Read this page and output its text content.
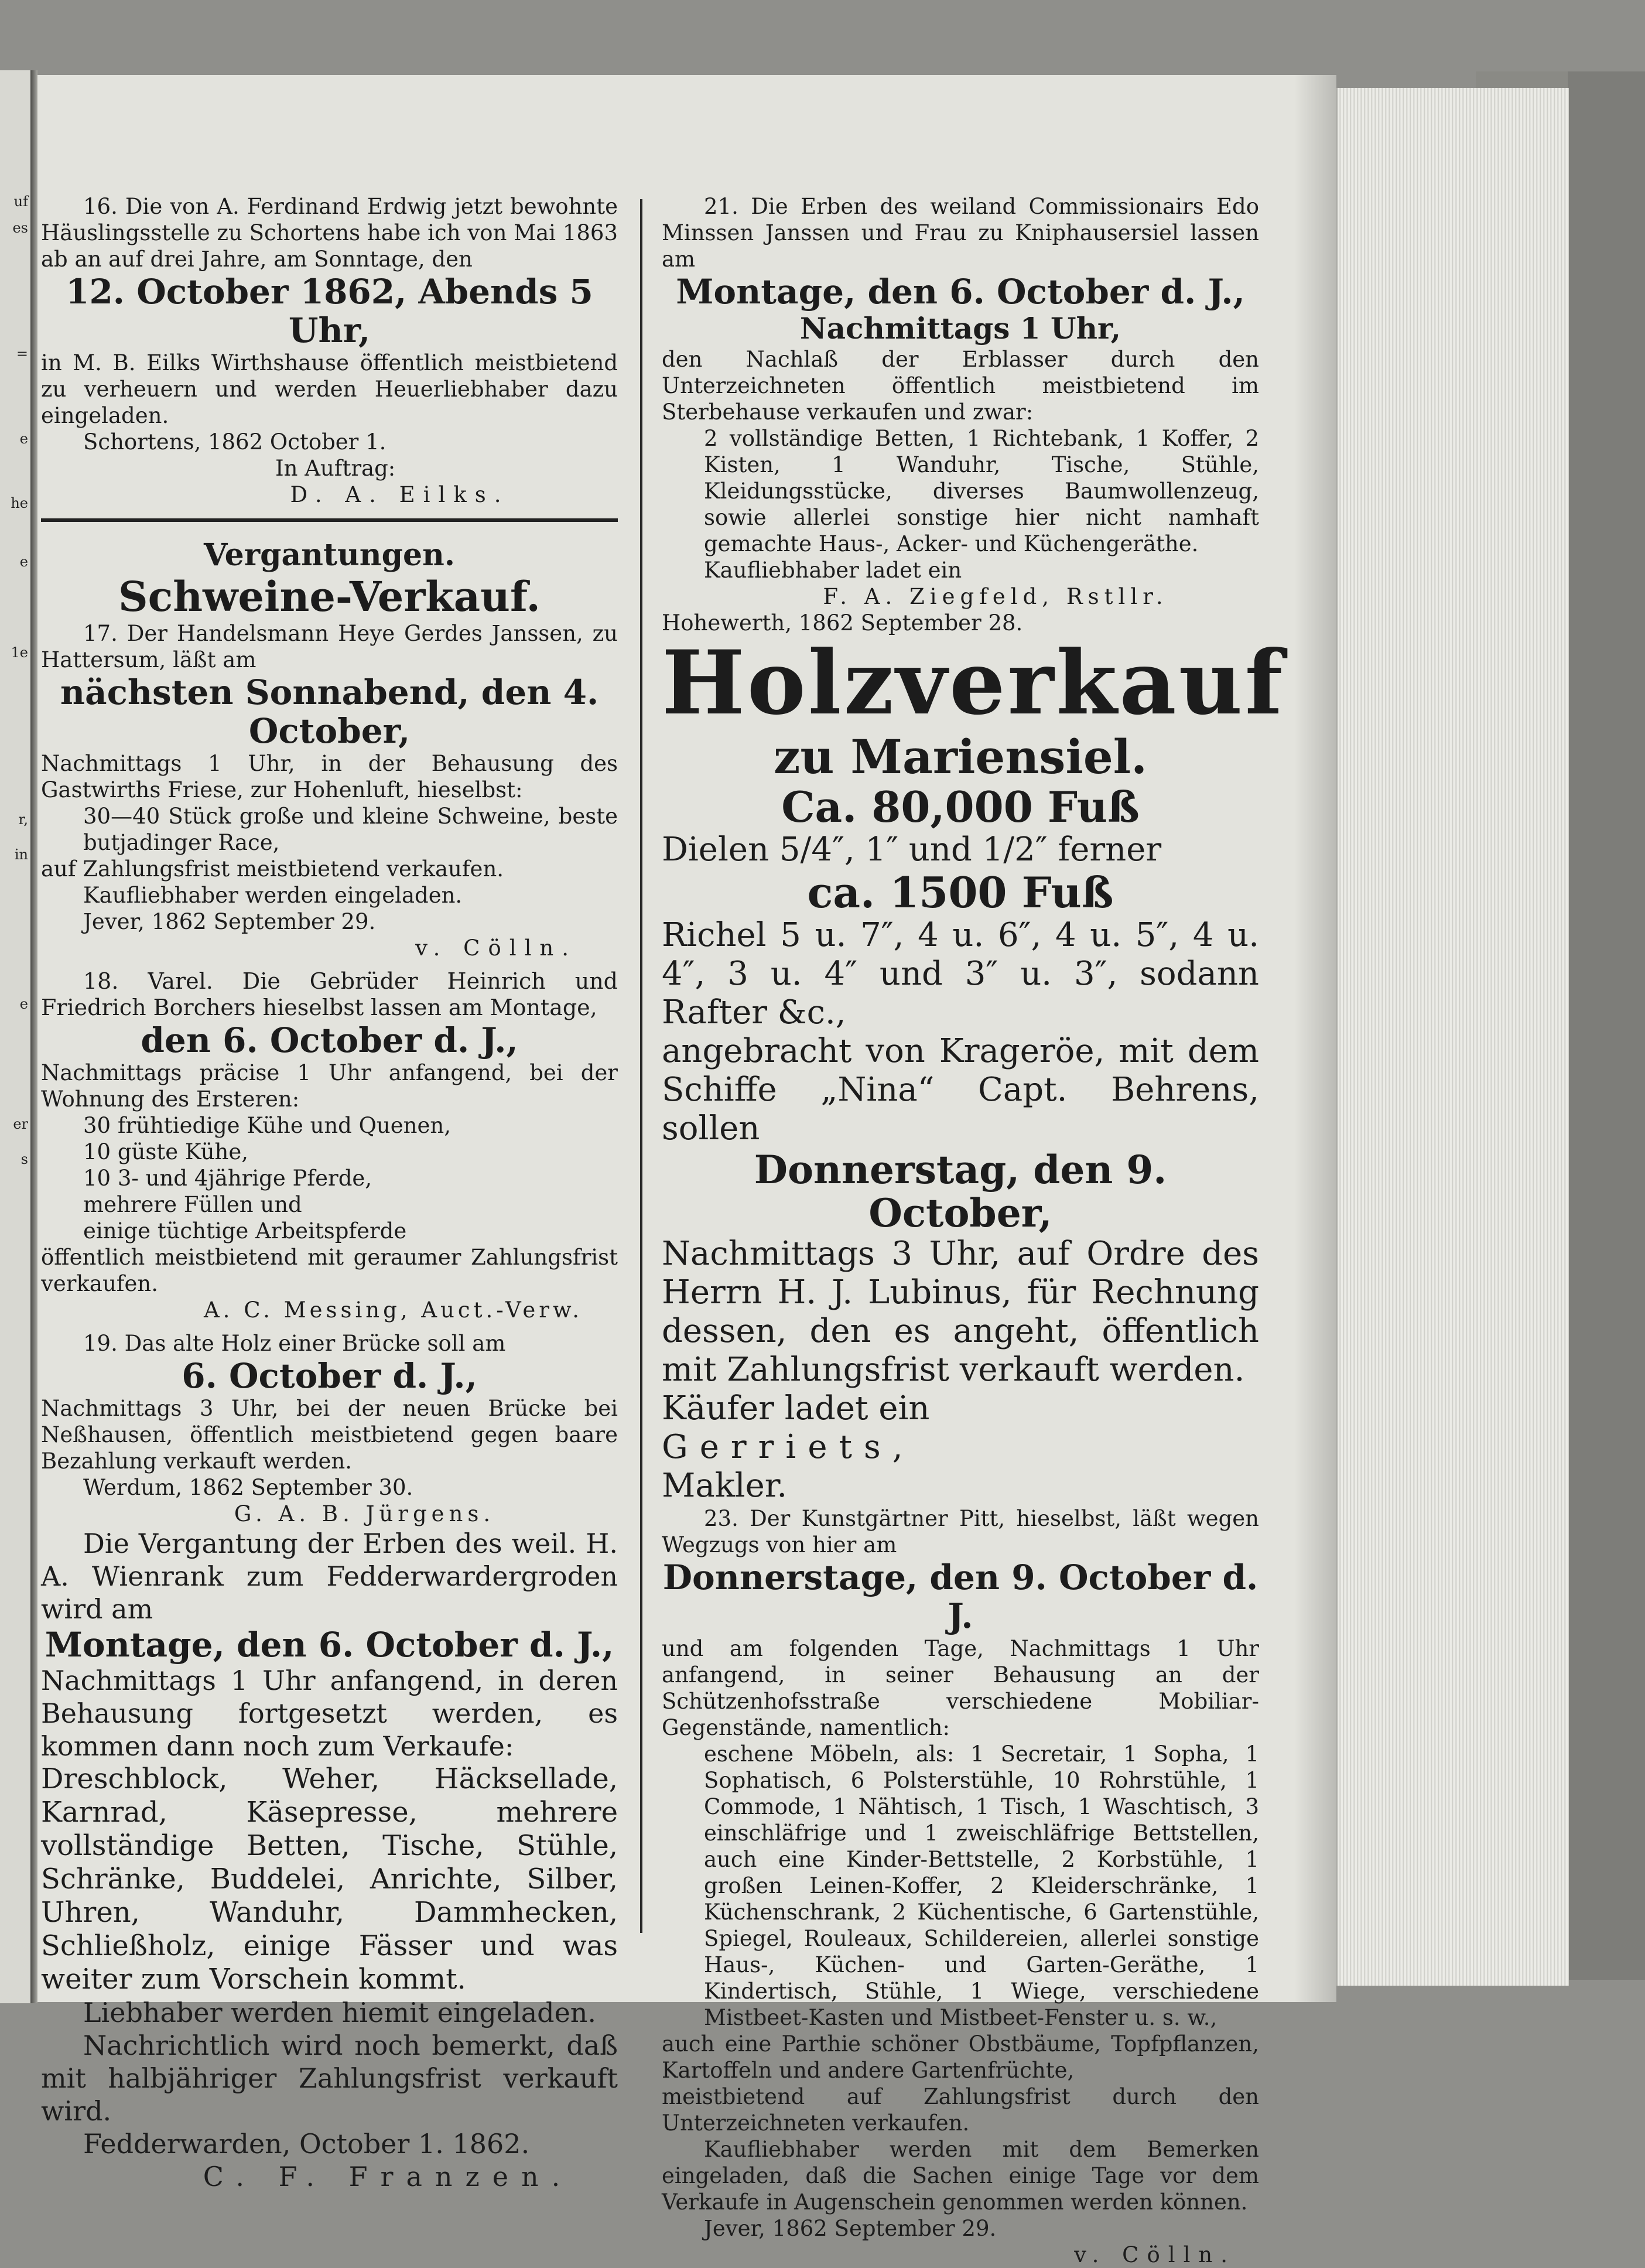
uf
es
=
e
he
e
1e
r,
in
e
er
s

16. Die von A. Ferdinand Erdwig jetzt bewohnte Häuslingsstelle zu Schortens habe ich von Mai 1863 ab an auf drei Jahre, am Sonntage, den

12. October 1862, Abends 5 Uhr,

in M. B. Eilks Wirthshause öffentlich meistbietend zu verheuern und werden Heuerliebhaber dazu eingeladen.

Schortens, 1862 October 1.

In Auftrag:

D. A. Eilks.

Vergantungen.

Schweine-Verkauf.

17. Der Handelsmann Heye Gerdes Janssen, zu Hattersum, läßt am

nächsten Sonnabend, den 4. October,

Nachmittags 1 Uhr, in der Behausung des Gastwirths Friese, zur Hohenluft, hieselbst:

30—40 Stück große und kleine Schweine, beste butjadinger Race,

auf Zahlungsfrist meistbietend verkaufen.

Kaufliebhaber werden eingeladen.

Jever, 1862 September 29.

v. Cölln.

18. Varel. Die Gebrüder Heinrich und Friedrich Borchers hieselbst lassen am Montage,

den 6. October d. J.,

Nachmittags präcise 1 Uhr anfangend, bei der Wohnung des Ersteren:

30 frühtiedige Kühe und Quenen,

10 güste Kühe,

10 3- und 4jährige Pferde,

mehrere Füllen und

einige tüchtige Arbeitspferde

öffentlich meistbietend mit geraumer Zahlungsfrist verkaufen.

A. C. Messing, Auct.-Verw.

19. Das alte Holz einer Brücke soll am

6. October d. J.,

Nachmittags 3 Uhr, bei der neuen Brücke bei Neßhausen, öffentlich meistbietend gegen baare Bezahlung verkauft werden.

Werdum, 1862 September 30.

G. A. B. Jürgens.

Die Vergantung der Erben des weil. H. A. Wienrank zum Fedderwardergroden wird am

Montage, den 6. October d. J.,

Nachmittags 1 Uhr anfangend, in deren Behausung fortgesetzt werden, es kommen dann noch zum Verkaufe:

Dreschblock, Weher, Häcksellade, Karnrad, Käsepresse, mehrere vollständige Betten, Tische, Stühle, Schränke, Buddelei, Anrichte, Silber, Uhren, Wanduhr, Dammhecken, Schließholz, einige Fässer und was weiter zum Vorschein kommt.

Liebhaber werden hiemit eingeladen.

Nachrichtlich wird noch bemerkt, daß mit halbjähriger Zahlungsfrist verkauft wird.

Fedderwarden, October 1. 1862.

C. F. Franzen.

21. Die Erben des weiland Commissionairs Edo Minssen Janssen und Frau zu Kniphausersiel lassen am

Montage, den 6. October d. J.,

Nachmittags 1 Uhr,

den Nachlaß der Erblasser durch den Unterzeichneten öffentlich meistbietend im Sterbehause verkaufen und zwar:

2 vollständige Betten, 1 Richtebank, 1 Koffer, 2 Kisten, 1 Wanduhr, Tische, Stühle, Kleidungsstücke, diverses Baumwollenzeug, sowie allerlei sonstige hier nicht namhaft gemachte Haus-, Acker- und Küchengeräthe.

Kaufliebhaber ladet ein

F. A. Ziegfeld, Rstllr.

Hohewerth, 1862 September 28.

Holzverkauf

zu Mariensiel.

Ca. 80,000 Fuß

Dielen 5/4″, 1″ und 1/2″ ferner

ca. 1500 Fuß

Richel 5 u. 7″, 4 u. 6″, 4 u. 5″, 4 u. 4″, 3 u. 4″ und 3″ u. 3″, sodann Rafter &c.,

angebracht von Krageröe, mit dem Schiffe „Nina“ Capt. Behrens, sollen

Donnerstag, den 9. October,

Nachmittags 3 Uhr, auf Ordre des Herrn H. J. Lubinus, für Rechnung dessen, den es angeht, öffentlich mit Zahlungsfrist verkauft werden.

Käufer ladet ein

Gerriets,

Makler.

23. Der Kunstgärtner Pitt, hieselbst, läßt wegen Wegzugs von hier am

Donnerstage, den 9. October d. J.

und am folgenden Tage, Nachmittags 1 Uhr anfangend, in seiner Behausung an der Schützenhofsstraße verschiedene Mobiliar-Gegenstände, namentlich:

eschene Möbeln, als: 1 Secretair, 1 Sopha, 1 Sophatisch, 6 Polsterstühle, 10 Rohrstühle, 1 Commode, 1 Nähtisch, 1 Tisch, 1 Waschtisch, 3 einschläfrige und 1 zweischläfrige Bettstellen, auch eine Kinder-Bettstelle, 2 Korbstühle, 1 großen Leinen-Koffer, 2 Kleiderschränke, 1 Küchenschrank, 2 Küchentische, 6 Gartenstühle, Spiegel, Rouleaux, Schildereien, allerlei sonstige Haus-, Küchen- und Garten-Geräthe, 1 Kindertisch, Stühle, 1 Wiege, verschiedene Mistbeet-Kasten und Mistbeet-Fenster u. s. w.,

auch eine Parthie schöner Obstbäume, Topfpflanzen, Kartoffeln und andere Gartenfrüchte,

meistbietend auf Zahlungsfrist durch den Unterzeichneten verkaufen.

Kaufliebhaber werden mit dem Bemerken eingeladen, daß die Sachen einige Tage vor dem Verkaufe in Augenschein genommen werden können.

Jever, 1862 September 29.

v. Cölln.
